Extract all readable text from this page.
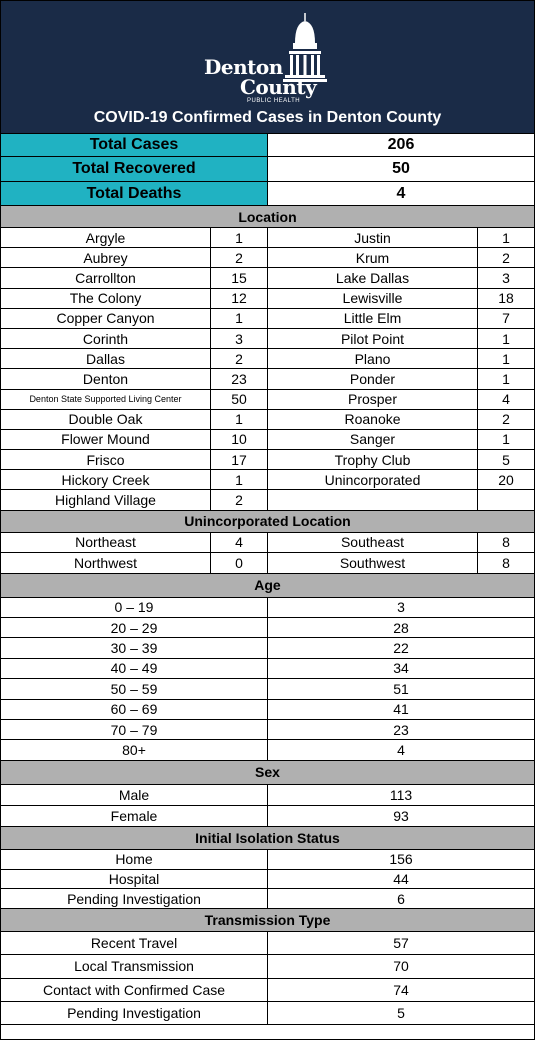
Denton
County
PUBLIC HEALTH
COVID-19 Confirmed Cases in Denton County
Total Cases	206
Total Recovered	50
Total Deaths	4
Location
Argyle	1	Justin	1
Aubrey	2	Krum	2
Carrollton	15	Lake Dallas	3
The Colony	12	Lewisville	18
Copper Canyon	1	Little Elm	7
Corinth	3	Pilot Point	1
Dallas	2	Plano	1
Denton	23	Ponder	1
Denton State Supported Living Center	50	Prosper	4
Double Oak	1	Roanoke	2
Flower Mound	10	Sanger	1
Frisco	17	Trophy Club	5
Hickory Creek	1	Unincorporated	20
Highland Village	2
Unincorporated Location
Northeast	4	Southeast	8
Northwest	0	Southwest	8
Age
0 – 19	3
20 – 29	28
30 – 39	22
40 – 49	34
50 – 59	51
60 – 69	41
70 – 79	23
80+	4
Sex
Male	113
Female	93
Initial Isolation Status
Home	156
Hospital	44
Pending Investigation	6
Transmission Type
Recent Travel	57
Local Transmission	70
Contact with Confirmed Case	74
Pending Investigation	5
